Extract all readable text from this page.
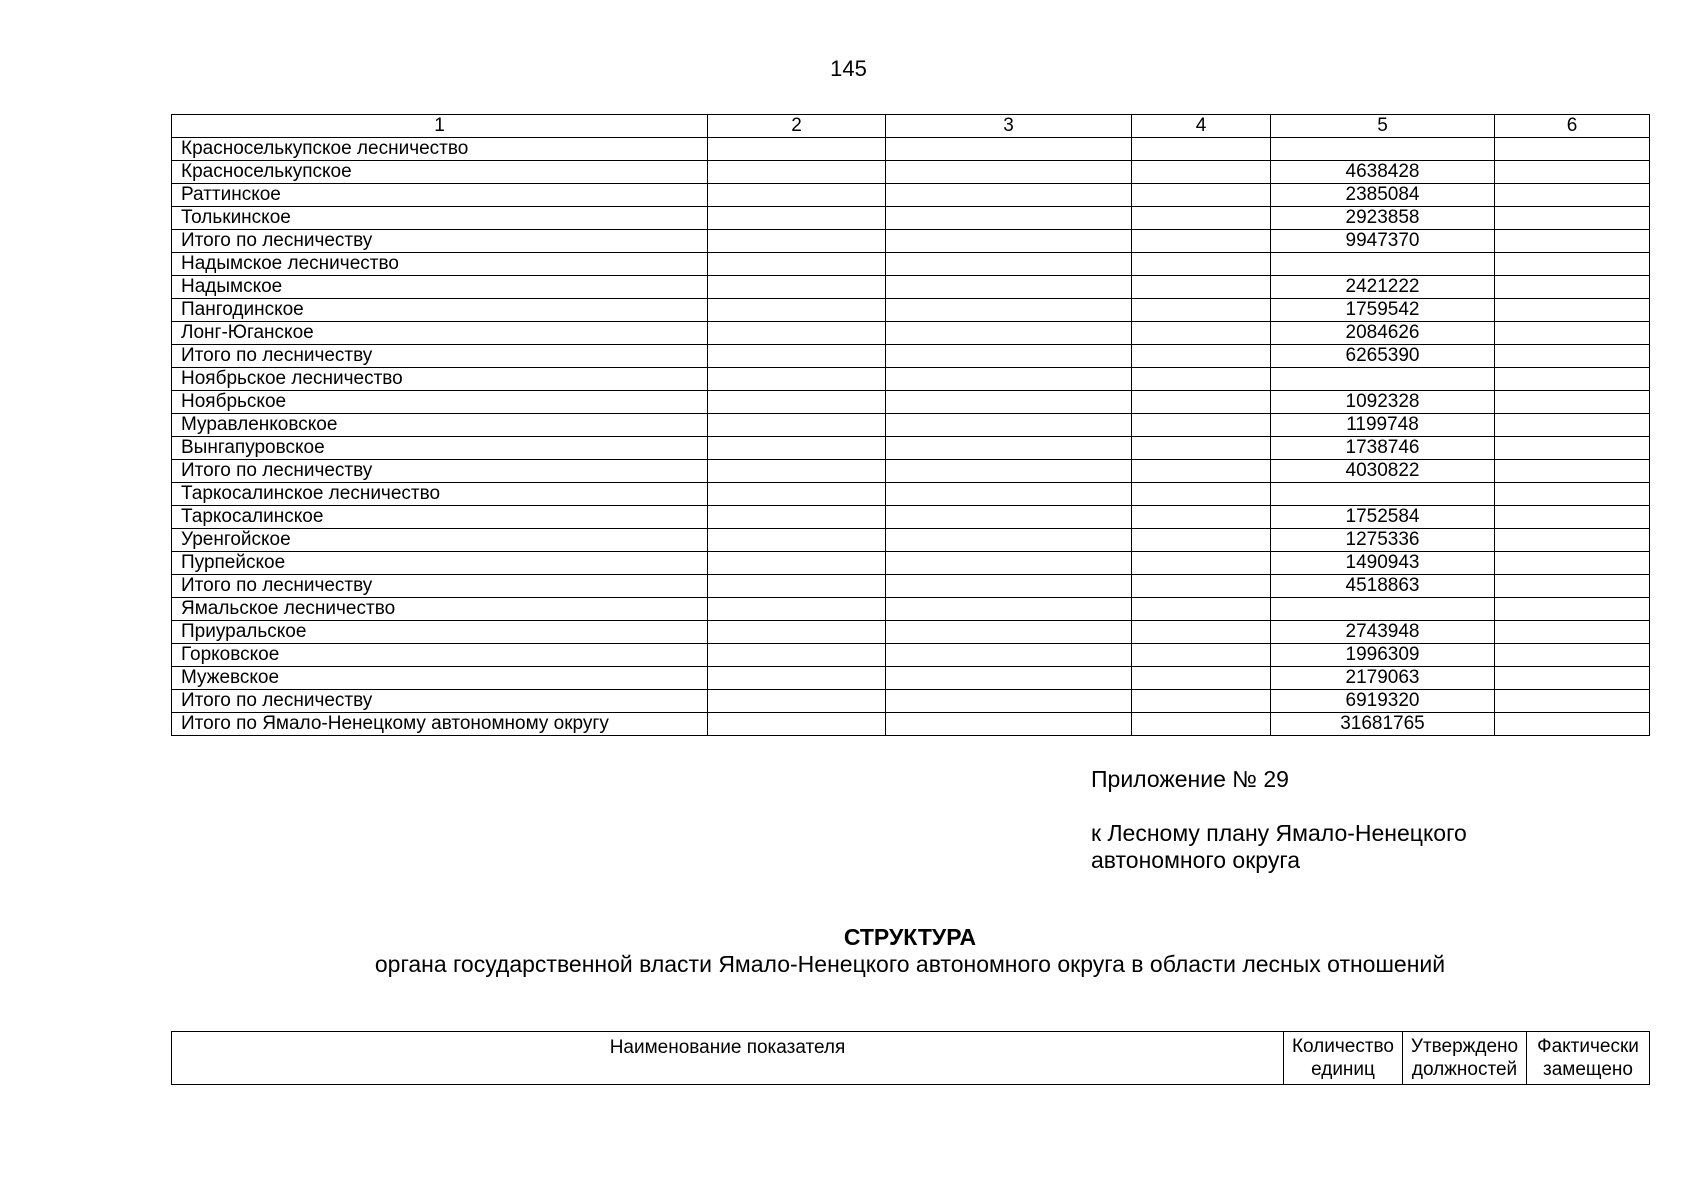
145
1	2	3	4	5	6
Красноселькупское лесничество					
Красноселькупское				4638428	
Раттинское				2385084	
Толькинское				2923858	
Итого по лесничеству				9947370	
Надымское лесничество					
Надымское				2421222	
Пангодинское				1759542	
Лонг-Юганское				2084626	
Итого по лесничеству				6265390	
Ноябрьское лесничество					
Ноябрьское				1092328	
Муравленковское				1199748	
Вынгапуровское				1738746	
Итого по лесничеству				4030822	
Таркосалинское лесничество					
Таркосалинское				1752584	
Уренгойское				1275336	
Пурпейское				1490943	
Итого по лесничеству				4518863	
Ямальское лесничество					
Приуральское				2743948	
Горковское				1996309	
Мужевское				2179063	
Итого по лесничеству				6919320	
Итого по Ямало-Ненецкому автономному округу				31681765	
Приложение № 29
к Лесному плану Ямало-Ненецкого автономного округа
СТРУКТУРА
органа государственной власти Ямало-Ненецкого автономного округа в области лесных отношений
Наименование показателя	Количество единиц	Утверждено должностей	Фактически замещено
